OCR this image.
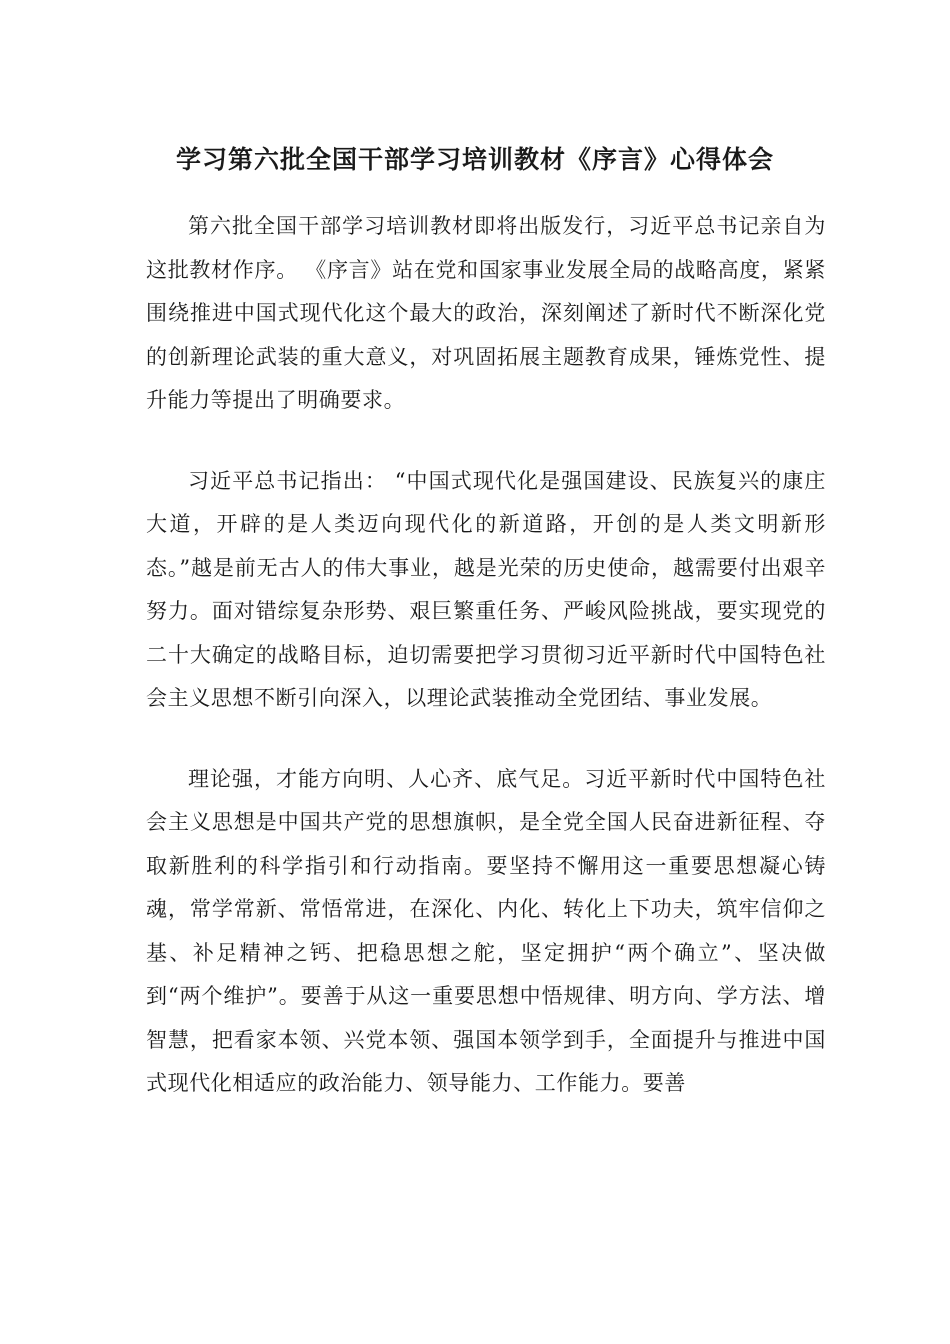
学习第六批全国干部学习培训教材《序言》心得体会

第六批全国干部学习培训教材即将出版发行，习近平总书记亲自为这批教材作序。 《序言》站在党和国家事业发展全局的战略高度，紧紧围绕推进中国式现代化这个最大的政治，深刻阐述了新时代不断深化党的创新理论武装的重大意义，对巩固拓展主题教育成果，锤炼党性、提升能力等提出了明确要求。

习近平总书记指出： “中国式现代化是强国建设、民族复兴的康庄大道，开辟的是人类迈向现代化的新道路，开创的是人类文明新形态。”越是前无古人的伟大事业，越是光荣的历史使命，越需要付出艰辛努力。面对错综复杂形势、艰巨繁重任务、严峻风险挑战，要实现党的二十大确定的战略目标，迫切需要把学习贯彻习近平新时代中国特色社会主义思想不断引向深入，以理论武装推动全党团结、事业发展。

理论强，才能方向明、人心齐、底气足。习近平新时代中国特色社会主义思想是中国共产党的思想旗帜，是全党全国人民奋进新征程、夺取新胜利的科学指引和行动指南。要坚持不懈用这一重要思想凝心铸魂，常学常新、常悟常进，在深化、内化、转化上下功夫，筑牢信仰之基、补足精神之钙、把稳思想之舵，坚定拥护“两个确立”、坚决做到“两个维护”。要善于从这一重要思想中悟规律、明方向、学方法、增智慧，把看家本领、兴党本领、强国本领学到手，全面提升与推进中国式现代化相适应的政治能力、领导能力、工作能力。要善
